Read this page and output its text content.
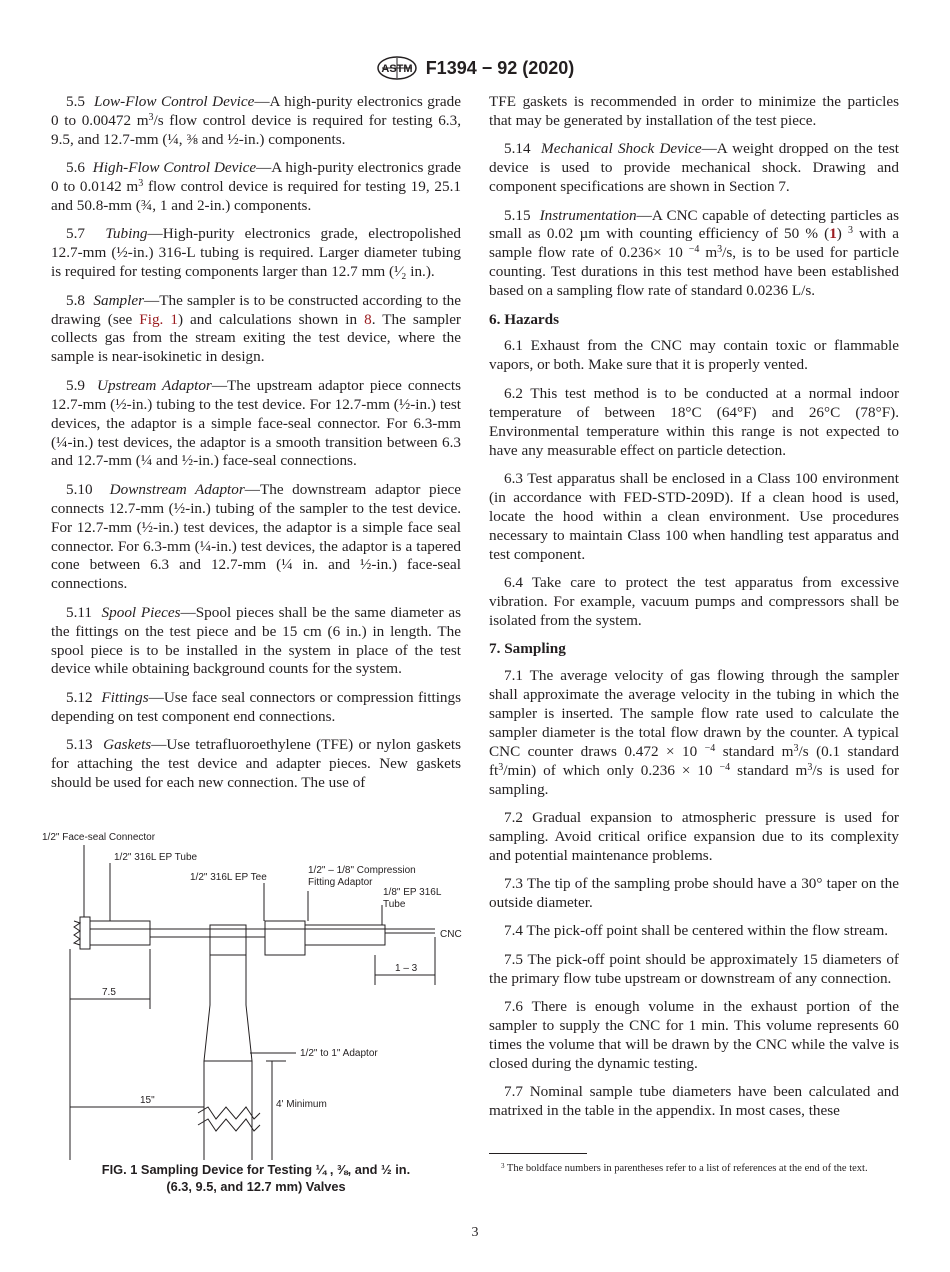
ASTM F1394 − 92 (2020)

5.5 Low-Flow Control Device—A high-purity electronics grade 0 to 0.00472 $m^3/s$ flow control device is required for testing 6.3, 9.5, and 12.7-mm (¼, ⅜ and ½-in.) components.

5.6 High-Flow Control Device—A high-purity electronics grade 0 to 0.0142 $m^3$ flow control device is required for testing 19, 25.1 and 50.8-mm (¾, 1 and 2-in.) components.

5.7 Tubing—High-purity electronics grade, electropolished 12.7-mm (½-in.) 316-L tubing is required. Larger diameter tubing is required for testing components larger than 12.7 mm (¹⁄₂ in.).

5.8 Sampler—The sampler is to be constructed according to the drawing (see Fig. 1) and calculations shown in 8. The sampler collects gas from the stream exiting the test device, where the sample is near-isokinetic in design.

5.9 Upstream Adaptor—The upstream adaptor piece connects 12.7-mm (½-in.) tubing to the test device. For 12.7-mm (½-in.) test devices, the adaptor is a simple face-seal connector. For 6.3-mm (¼-in.) test devices, the adaptor is a smooth transition between 6.3 and 12.7-mm (¼ and ½-in.) face-seal connections.

5.10 Downstream Adaptor—The downstream adaptor piece connects 12.7-mm (½-in.) tubing of the sampler to the test device. For 12.7-mm (½-in.) test devices, the adaptor is a simple face seal connector. For 6.3-mm (¼-in.) test devices, the adaptor is a tapered cone between 6.3 and 12.7-mm (¼ in. and ½-in.) face-seal connections.

5.11 Spool Pieces—Spool pieces shall be the same diameter as the fittings on the test piece and be 15 cm (6 in.) in length. The spool piece is to be installed in the system in place of the test device while obtaining background counts for the system.

5.12 Fittings—Use face seal connectors or compression fittings depending on test component end connections.

5.13 Gaskets—Use tetrafluoroethylene (TFE) or nylon gaskets for attaching the test device and adapter pieces. New gaskets should be used for each new connection. The use of

1/2" Face-seal Connector
1/2" 316L EP Tube
1/2" 316L EP Tee
1/2" – 1/8" Compression
Fitting Adaptor
1/8" EP 316L
Tube
CNC
1 – 3
7.5
1/2" to 1" Adaptor
15"	4' Minimum
FIG. 1 Sampling Device for Testing ¼ , ⅜, and ½ in.
(6.3, 9.5, and 12.7 mm) Valves

TFE gaskets is recommended in order to minimize the particles that may be generated by installation of the test piece.

5.14 Mechanical Shock Device—A weight dropped on the test device is used to provide mechanical shock. Drawing and component specifications are shown in Section 7.

5.15 Instrumentation—A CNC capable of detecting particles as small as 0.02 µm with counting efficiency of 50 % (1) $^3$ with a sample flow rate of 0.236× 10 $^{-4}$ $m^3/s$, is to be used for particle counting. Test durations in this test method have been established based on a sampling flow rate of standard 0.0236 L/s.

6. Hazards

6.1 Exhaust from the CNC may contain toxic or flammable vapors, or both. Make sure that it is properly vented.

6.2 This test method is to be conducted at a normal indoor temperature of between 18°C (64°F) and 26°C (78°F). Environmental temperature within this range is not expected to have any measurable effect on particle detection.

6.3 Test apparatus shall be enclosed in a Class 100 environment (in accordance with FED-STD-209D). If a clean hood is used, locate the hood within a clean environment. Use procedures necessary to maintain Class 100 when handling test apparatus and test component.

6.4 Take care to protect the test apparatus from excessive vibration. For example, vacuum pumps and compressors shall be isolated from the system.

7. Sampling

7.1 The average velocity of gas flowing through the sampler shall approximate the average velocity in the tubing in which the sampler is inserted. The sample flow rate used to calculate the sampler diameter is the total flow drawn by the counter. A typical CNC counter draws 0.472 × 10 $^{-4}$ standard $m^3/s$ (0.1 standard $ft^3/\min$) of which only 0.236 × 10 $^{-4}$ standard $m^3/s$ is used for sampling.

7.2 Gradual expansion to atmospheric pressure is used for sampling. Avoid critical orifice expansion due to its complexity and potential maintenance problems.

7.3 The tip of the sampling probe should have a 30° taper on the outside diameter.

7.4 The pick-off point shall be centered within the flow stream.

7.5 The pick-off point should be approximately 15 diameters of the primary flow tube upstream or downstream of any connection.

7.6 There is enough volume in the exhaust portion of the sampler to supply the CNC for 1 min. This volume represents 60 times the volume that will be drawn by the CNC while the valve is closed during the dynamic testing.

7.7 Nominal sample tube diameters have been calculated and matrixed in the table in the appendix. In most cases, these

$^3$ The boldface numbers in parentheses refer to a list of references at the end of the text.
3
